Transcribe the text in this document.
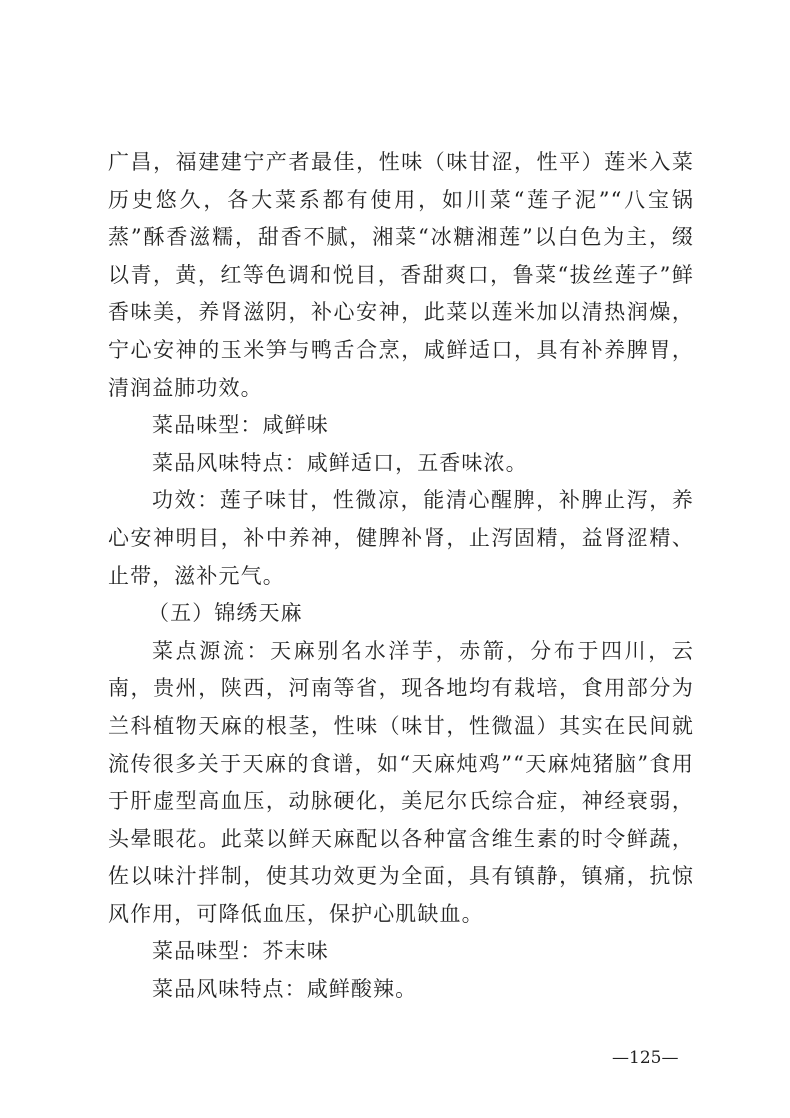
广昌，福建建宁产者最佳，性味（味甘涩，性平）莲米入菜历史悠久，各大菜系都有使用，如川菜“莲子泥”“八宝锅蒸”酥香滋糯，甜香不腻，湘菜“冰糖湘莲”以白色为主，缀以青，黄，红等色调和悦目，香甜爽口，鲁菜“拔丝莲子”鲜香味美，养肾滋阴，补心安神，此菜以莲米加以清热润燥，宁心安神的玉米笋与鸭舌合烹，咸鲜适口，具有补养脾胃，清润益肺功效。

菜品味型：咸鲜味

菜品风味特点：咸鲜适口，五香味浓。

功效：莲子味甘，性微凉，能清心醒脾，补脾止泻，养心安神明目，补中养神，健脾补肾，止泻固精，益肾涩精、止带，滋补元气。

（五）锦绣天麻

菜点源流：天麻别名水洋芋，赤箭，分布于四川，云南，贵州，陕西，河南等省，现各地均有栽培，食用部分为兰科植物天麻的根茎，性味（味甘，性微温）其实在民间就流传很多关于天麻的食谱，如“天麻炖鸡”“天麻炖猪脑”食用于肝虚型高血压，动脉硬化，美尼尔氏综合症，神经衰弱，头晕眼花。此菜以鲜天麻配以各种富含维生素的时令鲜蔬，佐以味汁拌制，使其功效更为全面，具有镇静，镇痛，抗惊风作用，可降低血压，保护心肌缺血。

菜品味型：芥末味

菜品风味特点：咸鲜酸辣。

—125—
